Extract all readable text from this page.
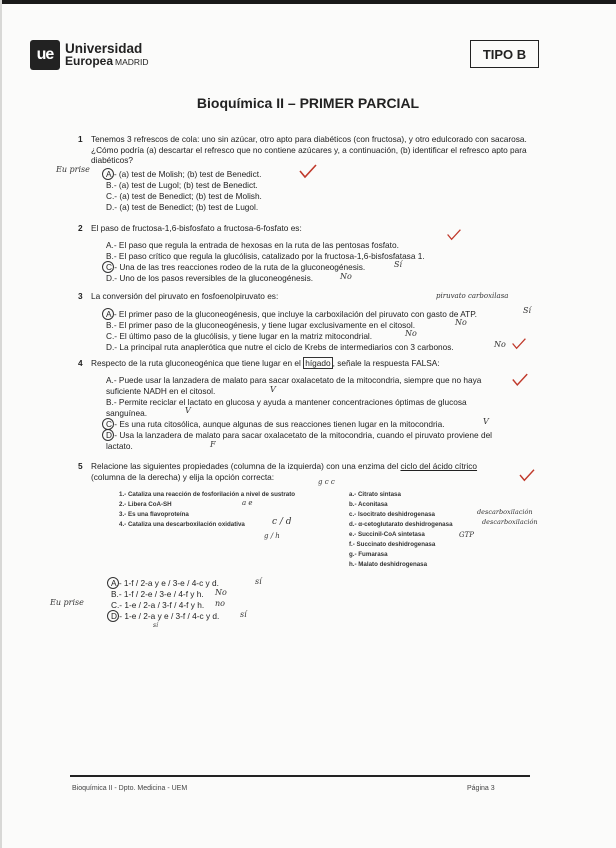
ue Universidad
Europea MADRID	TIPO B
Bioquímica II – PRIMER PARCIAL
1 Tenemos 3 refrescos de cola: uno sin azúcar, otro apto para diabéticos (con fructosa), y otro edulcorado con sacarosa. ¿Cómo podría (a) descartar el refresco que no contiene azúcares y, a continuación, (b) identificar el refresco apto para diabéticos?
A.- (a) test de Molish; (b) test de Benedict.
B.- (a) test de Lugol; (b) test de Benedict.
C.- (a) test de Benedict; (b) test de Molish.
D.- (a) test de Benedict; (b) test de Lugol.
2 El paso de fructosa-1,6-bisfosfato a fructosa-6-fosfato es:
A.- El paso que regula la entrada de hexosas en la ruta de las pentosas fosfato.
B.- El paso crítico que regula la glucólisis, catalizado por la fructosa-1,6-bisfosfatasa 1.
C.- Una de las tres reacciones rodeo de la ruta de la gluconeogénesis.
D.- Uno de los pasos reversibles de la gluconeogénesis.
3 La conversión del piruvato en fosfoenolpiruvato es:
A.- El primer paso de la gluconeogénesis, que incluye la carboxilación del piruvato con gasto de ATP.
B.- El primer paso de la gluconeogénesis, y tiene lugar exclusivamente en el citosol.
C.- El último paso de la glucólisis, y tiene lugar en la matriz mitocondrial.
D.- La principal ruta anaplerótica que nutre el ciclo de Krebs de intermediarios con 3 carbonos.
4 Respecto de la ruta gluconeogénica que tiene lugar en el hígado , señale la respuesta FALSA:
A.- Puede usar la lanzadera de malato para sacar oxalacetato de la mitocondria, siempre que no haya suficiente NADH en el citosol.
B.- Permite reciclar el lactato en glucosa y ayuda a mantener concentraciones óptimas de glucosa sanguínea.
C.- Es una ruta citosólica, aunque algunas de sus reacciones tienen lugar en la mitocondria.
D.- Usa la lanzadera de malato para sacar oxalacetato de la mitocondria, cuando el piruvato proviene del lactato.
5 Relacione las siguientes propiedades (columna de la izquierda) con una enzima del ciclo del ácido cítrico
(columna de la derecha) y elija la opción correcta:
1.- Cataliza una reacción de fosforilación a nivel de sustrato
2.- Libera CoA-SH
3.- Es una flavoproteína
4.- Cataliza una descarboxilación oxidativa
a.- Citrato sintasa
b.- Aconitasa
c.- Isocitrato deshidrogenasa
d.- α-cetoglutarato deshidrogenasa
e.- Succinil-CoA sintetasa
f.- Succinato deshidrogenasa
g.- Fumarasa
h.- Malato deshidrogenasa
A.- 1-f / 2-a y e / 3-e / 4-c y d.
B.- 1-f / 2-e / 3-e / 4-f y h.
C.- 1-e / 2-a / 3-f / 4-f y h.
D.- 1-e / 2-a y e / 3-f / 4-c y d.
Eu prise
Sí
No
piruvato carboxilasa
Sí
No
No
No
V
V
V
F
g c c
a e
c / d
g / h
descarboxilación
descarboxilación
GTP
sí
No
no
sí
Eu prise
sí
Bioquímica II - Dpto. Medicina - UEM	Página 3
